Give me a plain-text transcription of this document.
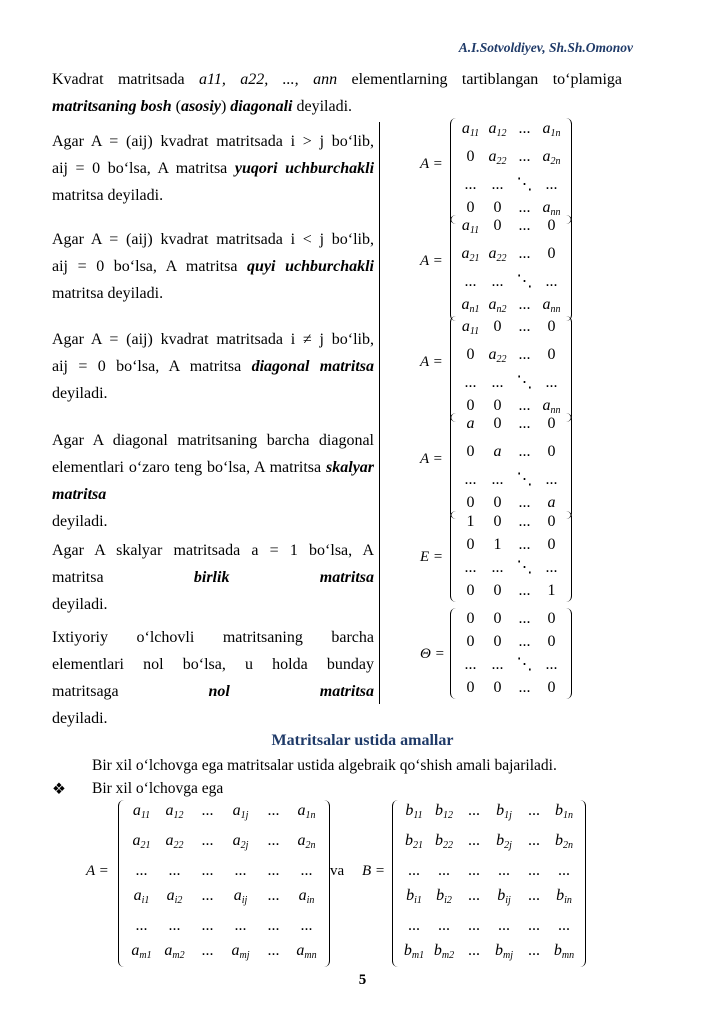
A.I.Sotvoldiyev, Sh.Sh.Omonov
Kvadrat matritsada a11, a22, ..., ann elementlarning tartiblangan to‘plamiga
matritsaning bosh (asosiy) diagonali deyiladi.
Agar A = (aij) kvadrat matritsada i > j bo‘lib,
aij = 0 bo‘lsa, A matritsa yuqori uchburchakli
matritsa deyiladi.
Agar A = (aij) kvadrat matritsada i < j bo‘lib,
aij = 0 bo‘lsa, A matritsa quyi uchburchakli
matritsa deyiladi.
Agar A = (aij) kvadrat matritsada i ≠ j bo‘lib,
aij = 0 bo‘lsa, A matritsa diagonal matritsa
deyiladi.
Agar A diagonal matritsaning barcha diagonal
elementlari o‘zaro teng bo‘lsa, A matritsa skalyar matritsa
deyiladi.
Agar A skalyar matritsada a = 1 bo‘lsa, A
matritsa	birlik matritsa
deyiladi.
Ixtiyoriy o‘lchovli matritsaning barcha
elementlari nol bo‘lsa, u holda bunday
matritsaga	nol matritsa
deyiladi.
Matritsalar ustida amallar
Bir xil o‘lchovga ega matritsalar ustida algebraik qo‘shish amali bajariladi.
❖ Bir xil o‘lchovga ega
A =
$a_{11}$ $a_{12}$	...	$a_{1j}$	...	$a_{1n}$
$a_{21}$ $a_{22}$	...	$a_{2j}$	...	$a_{2n}$
...	...	...	...	...	...
$a_{i1}$	$a_{i2}$	...	$a_{ij}$	...	$a_{in}$
...	...	...	...	...	...
$a_{m1}$ $a_{m2}$	...	$a_{mj}$	...	$a_{mn}$
va B =
$b_{11}$ $b_{12}$ ...	$b_{1j}$	... $b_{1n}$
$b_{21}$ $b_{22}$ ...	$b_{2j}$	... $b_{2n}$
...	...	...	...	...	...
$b_{i1}$ $b_{i2}$	...	$b_{ij}$	...	$b_{in}$
...	...	...	...	...	...
$b_{m1}$ $b_{m2}$ ... $b_{mj}$ ... $b_{mn}$
5
A =
$a_{11}$ $a_{12}$ ... $a_{1n}$
0 $a_{22}$ ... $a_{2n}$
... ... ⋱ ...
0	0	... $a_{nn}$
A =
$a_{11}$ 0	...	0
$a_{21}$ $a_{22}$ ...	0
... ... ⋱ ...
$a_{n1}$ $a_{n2}$ ... $a_{nn}$
A =
$a_{11}$ 0	...	0
0 $a_{22}$ ...	0
... ... ⋱ ...
0	0	... $a_{nn}$
A =
a	0	...	0
0	a	...	0
... ... ⋱ ...
0	0	...	a
E =
1	0	...	0
0	1	...	0
... ... ⋱ ...
0	0	...	1
Θ =
0	0	...	0
0	0	...	0
... ... ⋱ ...
0	0	...	0
